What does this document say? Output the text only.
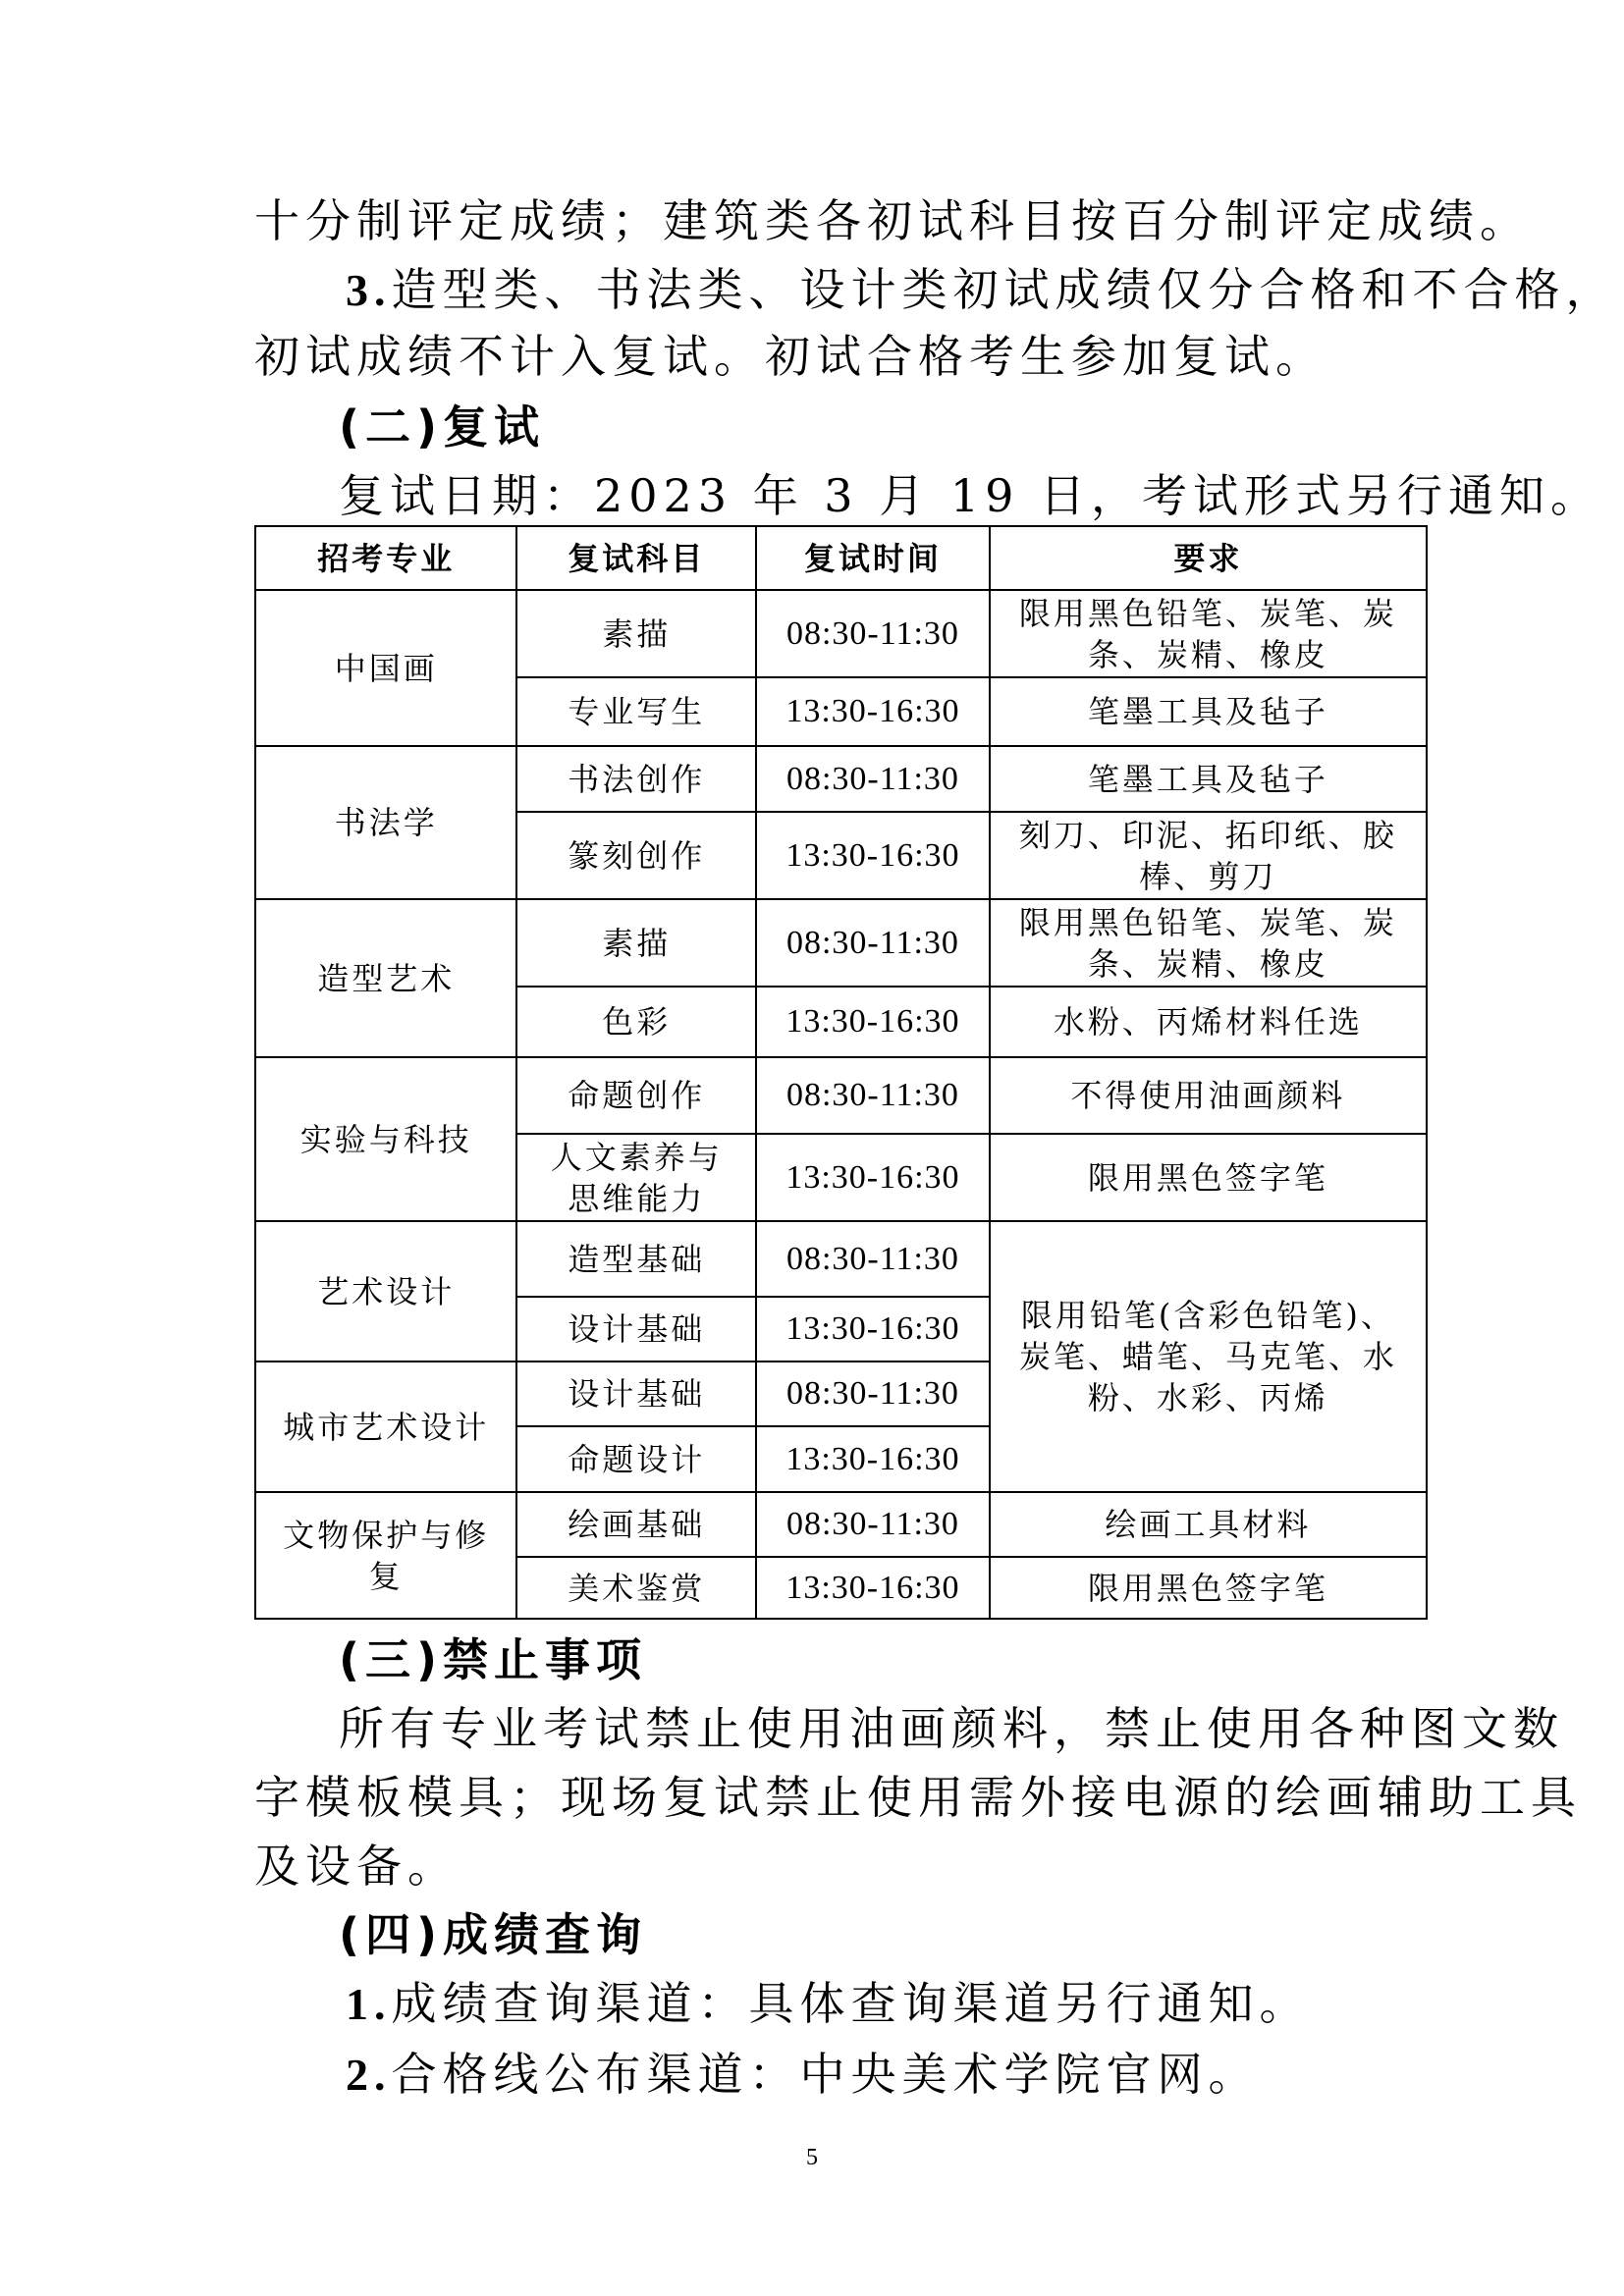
十分制评定成绩；建筑类各初试科目按百分制评定成绩。
3.造型类、书法类、设计类初试成绩仅分合格和不合格，
初试成绩不计入复试。初试合格考生参加复试。
(二)复试
复试日期：2023 年 3 月 19 日，考试形式另行通知。
招考专业	复试科目	复试时间	要求
中国画	素描	08:30-11:30	限用黑色铅笔、炭笔、炭条、炭精、橡皮
	专业写生	13:30-16:30	笔墨工具及毡子
书法学	书法创作	08:30-11:30	笔墨工具及毡子
	篆刻创作	13:30-16:30	刻刀、印泥、拓印纸、胶棒、剪刀
造型艺术	素描	08:30-11:30	限用黑色铅笔、炭笔、炭条、炭精、橡皮
	色彩	13:30-16:30	水粉、丙烯材料任选
实验与科技	命题创作	08:30-11:30	不得使用油画颜料
	人文素养与思维能力	13:30-16:30	限用黑色签字笔
艺术设计	造型基础	08:30-11:30	限用铅笔(含彩色铅笔)、炭笔、蜡笔、马克笔、水粉、水彩、丙烯
	设计基础	13:30-16:30	
城市艺术设计	设计基础	08:30-11:30	
	命题设计	13:30-16:30	
文物保护与修复	绘画基础	08:30-11:30	绘画工具材料
	美术鉴赏	13:30-16:30	限用黑色签字笔
(三)禁止事项
所有专业考试禁止使用油画颜料，禁止使用各种图文数
字模板模具；现场复试禁止使用需外接电源的绘画辅助工具
及设备。
(四)成绩查询
1.成绩查询渠道：具体查询渠道另行通知。
2.合格线公布渠道：中央美术学院官网。
5
